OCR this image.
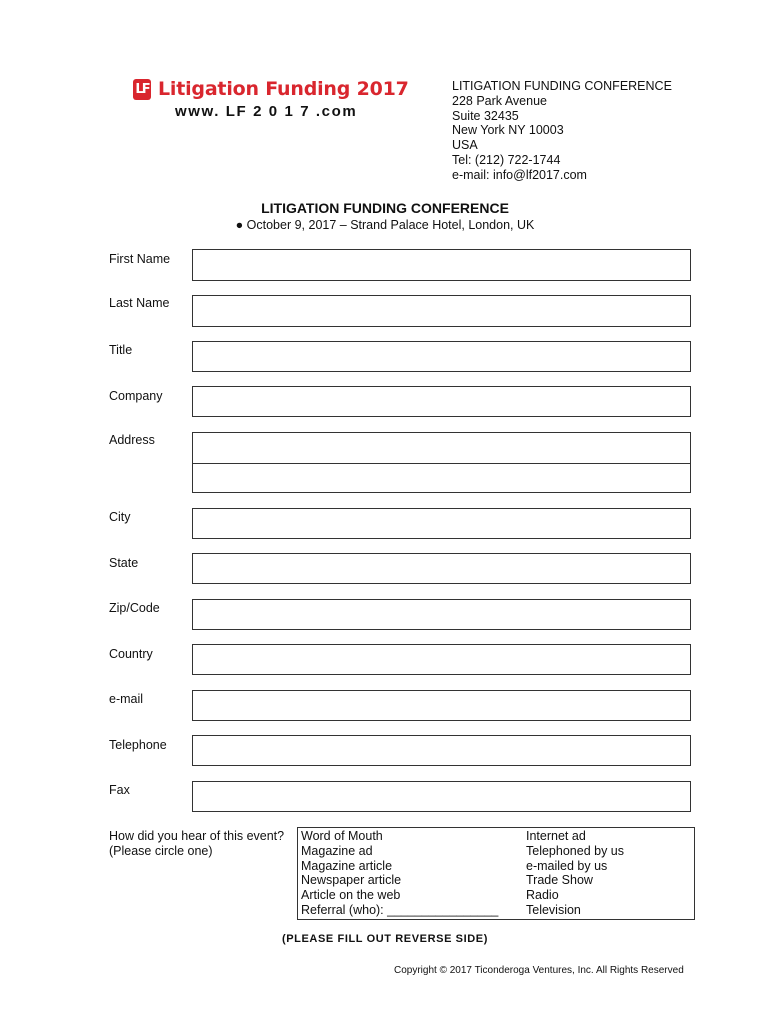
LF Litigation Funding 2017
www. LF 2 0 1 7 .com
LITIGATION FUNDING CONFERENCE
228 Park Avenue
Suite 32435
New York NY 10003
USA
Tel: (212) 722-1744
e-mail: info@lf2017.com
LITIGATION FUNDING CONFERENCE
● October 9, 2017 – Strand Palace Hotel, London, UK
First Name
Last Name
Title
Company
Address
City
State
Zip/Code
Country
e-mail
Telephone
Fax
How did you hear of this event?
(Please circle one)
Word of Mouth
Magazine ad
Magazine article
Newspaper article
Article on the web
Referral (who): ________________
Internet ad
Telephoned by us
e-mailed by us
Trade Show
Radio
Television
(PLEASE FILL OUT REVERSE SIDE)
Copyright © 2017 Ticonderoga Ventures, Inc. All Rights Reserved
